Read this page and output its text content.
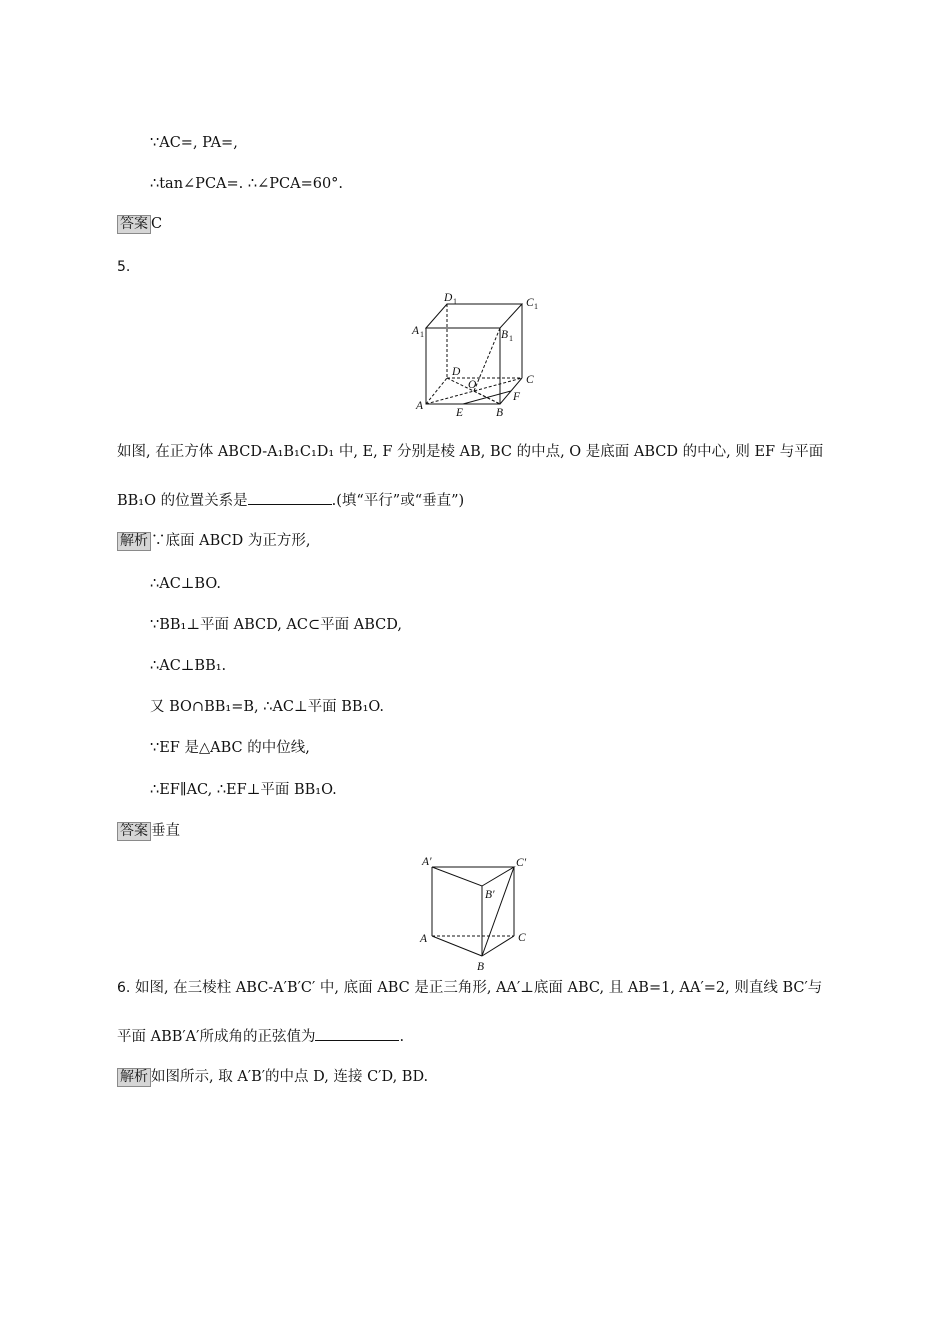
∵AC=, PA=,
∴tan∠PCA=. ∴∠PCA=60°.
答案 C
5.
D 1	C 1
A 1	B 1
D
O	C
A
E	B
F
如图, 在正方体 ABCD-A₁B₁C₁D₁ 中, E, F 分别是棱 AB, BC 的中点, O 是底面 ABCD 的中心, 则 EF 与平面
BB₁O 的位置关系是	.(填“平行”或“垂直”)
解析 ∵底面 ABCD 为正方形,
∴AC⊥BO.
∵BB₁⊥平面 ABCD, AC⊂平面 ABCD,
∴AC⊥BB₁.
又 BO∩BB₁=B, ∴AC⊥平面 BB₁O.
∵EF 是△ABC 的中位线,
∴EF∥AC, ∴EF⊥平面 BB₁O.
答案 垂直
A′	C′
B′
A	C
B
6. 如图, 在三棱柱 ABC-A′B′C′ 中, 底面 ABC 是正三角形, AA′⊥底面 ABC, 且 AB=1, AA′=2, 则直线 BC′与
平面 ABB′A′所成角的正弦值为	.
解析 如图所示, 取 A′B′的中点 D, 连接 C′D, BD.
